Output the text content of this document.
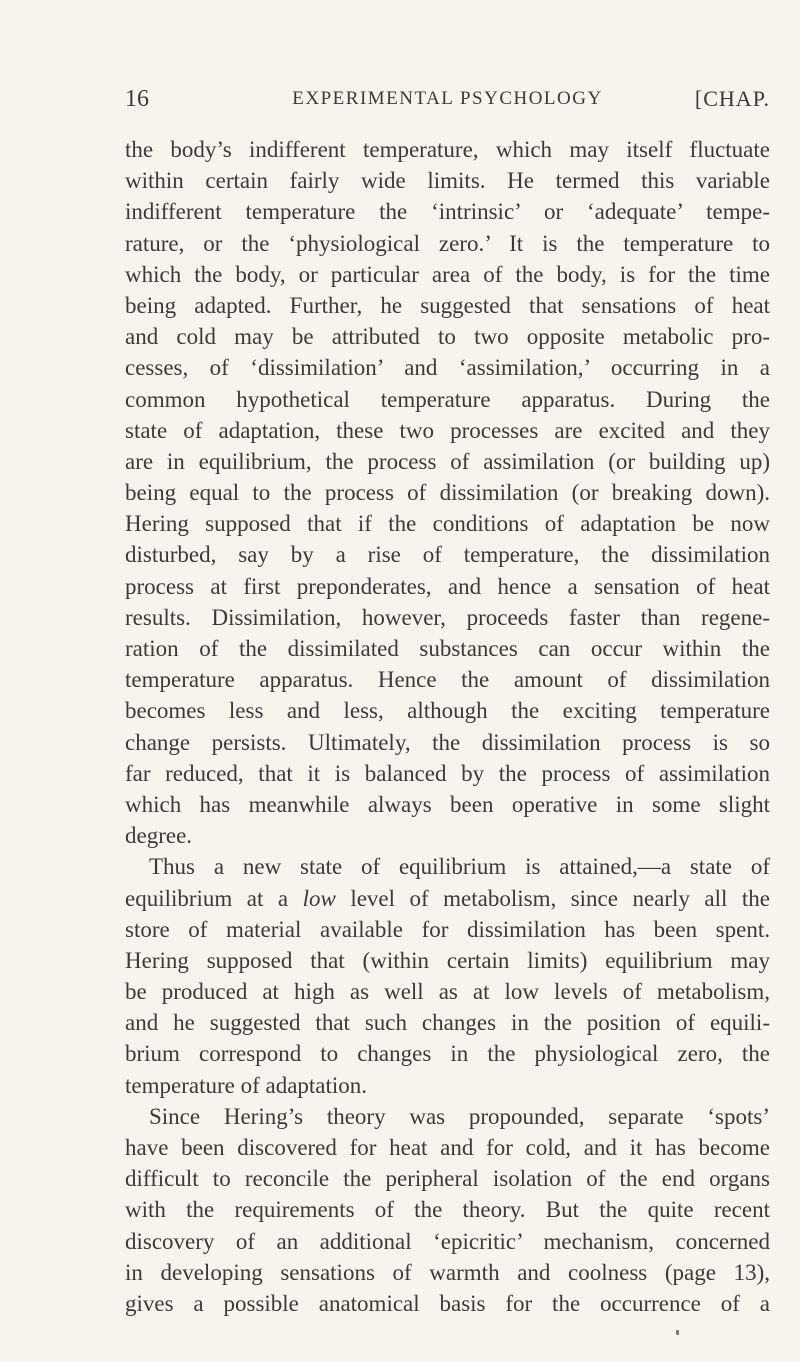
16	EXPERIMENTAL PSYCHOLOGY	[CHAP.
the body’s indifferent temperature, which may itself fluctuate
within certain fairly wide limits. He termed this variable
indifferent temperature the ‘intrinsic’ or ‘adequate’ tempe-
rature, or the ‘physiological zero.’ It is the temperature to
which the body, or particular area of the body, is for the time
being adapted. Further, he suggested that sensations of heat
and cold may be attributed to two opposite metabolic pro-
cesses, of ‘dissimilation’ and ‘assimilation,’ occurring in a
common hypothetical temperature apparatus. During the
state of adaptation, these two processes are excited and they
are in equilibrium, the process of assimilation (or building up)
being equal to the process of dissimilation (or breaking down).
Hering supposed that if the conditions of adaptation be now
disturbed, say by a rise of temperature, the dissimilation
process at first preponderates, and hence a sensation of heat
results. Dissimilation, however, proceeds faster than regene-
ration of the dissimilated substances can occur within the
temperature apparatus. Hence the amount of dissimilation
becomes less and less, although the exciting temperature
change persists. Ultimately, the dissimilation process is so
far reduced, that it is balanced by the process of assimilation
which has meanwhile always been operative in some slight
degree.
Thus a new state of equilibrium is attained,—a state of
equilibrium at a low level of metabolism, since nearly all the
store of material available for dissimilation has been spent.
Hering supposed that (within certain limits) equilibrium may
be produced at high as well as at low levels of metabolism,
and he suggested that such changes in the position of equili-
brium correspond to changes in the physiological zero, the
temperature of adaptation.
Since Hering’s theory was propounded, separate ‘spots’
have been discovered for heat and for cold, and it has become
difficult to reconcile the peripheral isolation of the end organs
with the requirements of the theory. But the quite recent
discovery of an additional ‘epicritic’ mechanism, concerned
in developing sensations of warmth and coolness (page 13),
gives a possible anatomical basis for the occurrence of a
